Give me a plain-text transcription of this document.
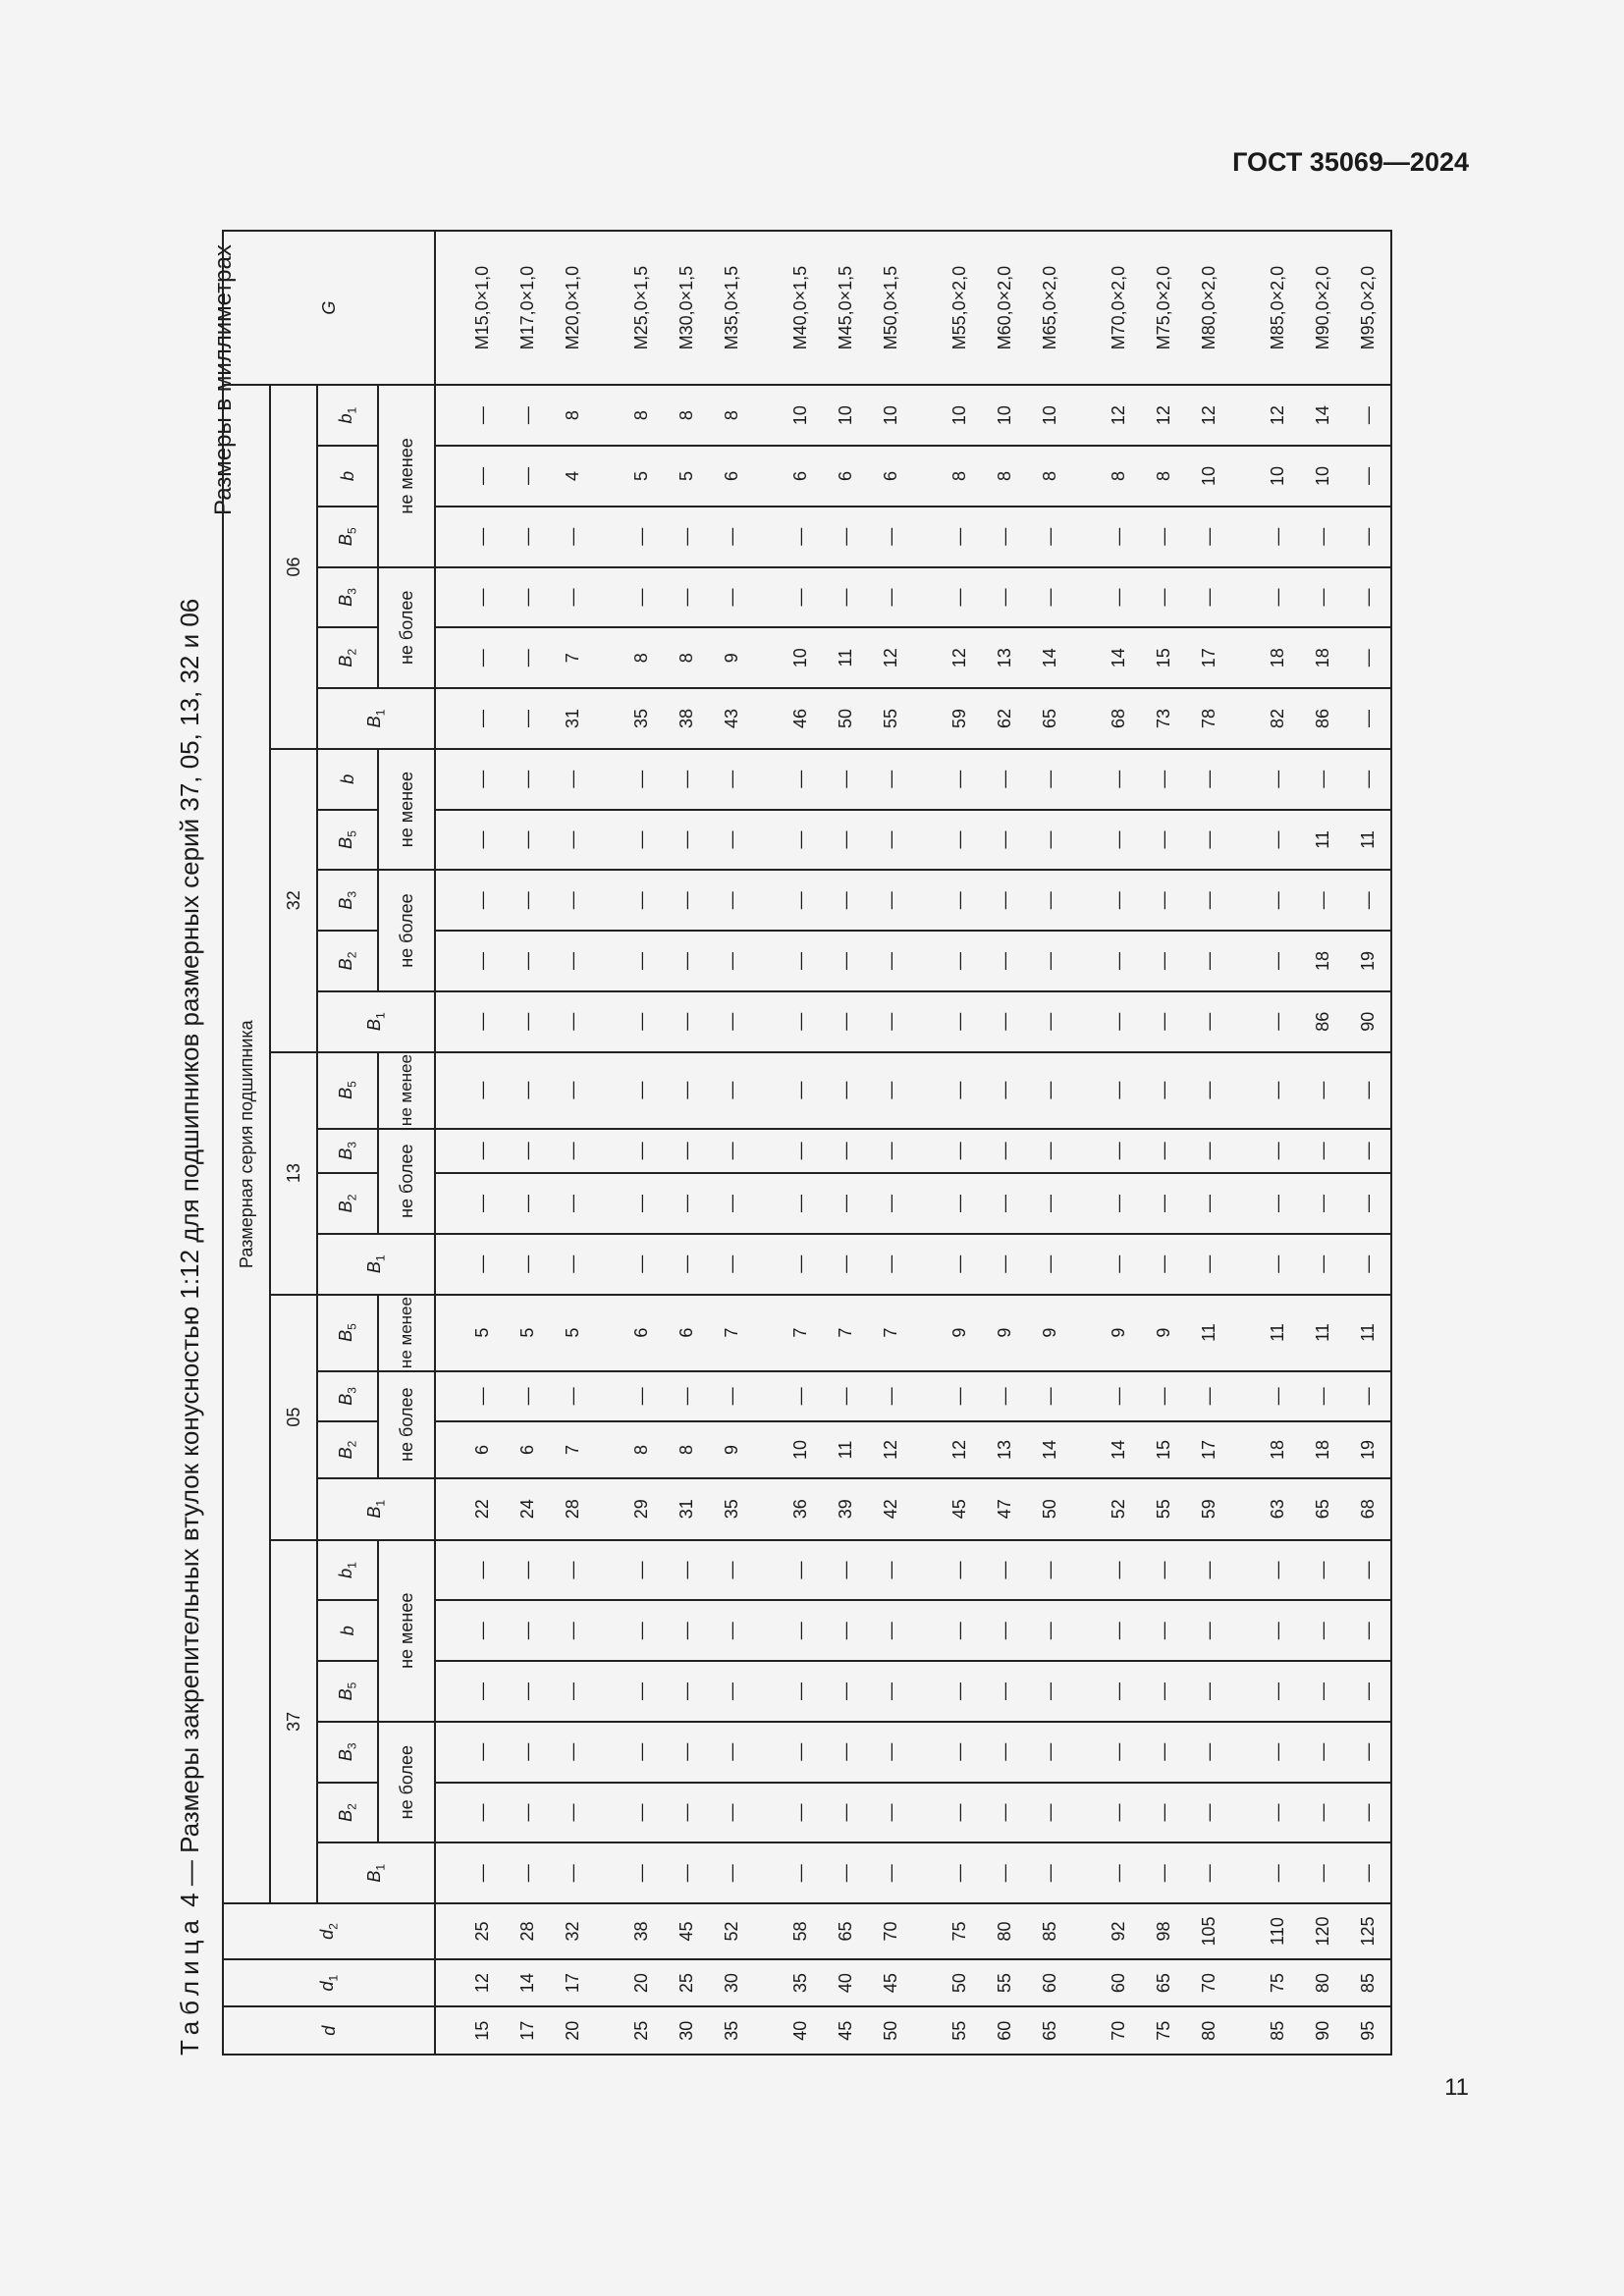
ГОСТ 35069—2024
Таблица 4 — Размеры закрепительных втулок конусностью 1:12 для подшипников размерных серий 37, 05, 13, 32 и 06
Размеры в миллиметрах
d	$d_1$	$d_2$	Размерная серия подшипника																									G
			37						05				13				32					06						
			$B_1$	$B_2$	$B_3$	$B_5$	b	$b_1$	$B_1$	$B_2$	$B_3$	$B_5$	$B_1$	$B_2$	$B_3$	$B_5$	$B_1$	$B_2$	$B_3$	$B_5$	b	$B_1$	$B_2$	$B_3$	$B_5$	b	$b_1$
				не более		не менее				не более		не менее		не более		не менее		не более		не менее			не более		не менее			

15	12	25	—	—	—	—	—	—	22	6	—	5	—	—	—	—	—	—	—	—	—	—	—	—	—	—	—	M15,0×1,0
17	14	28	—	—	—	—	—	—	24	6	—	5	—	—	—	—	—	—	—	—	—	—	—	—	—	—	—	M17,0×1,0
20	17	32	—	—	—	—	—	—	28	7	—	5	—	—	—	—	—	—	—	—	—	31	7	—	—	4	8	M20,0×1,0

25	20	38	—	—	—	—	—	—	29	8	—	6	—	—	—	—	—	—	—	—	—	35	8	—	—	5	8	M25,0×1,5
30	25	45	—	—	—	—	—	—	31	8	—	6	—	—	—	—	—	—	—	—	—	38	8	—	—	5	8	M30,0×1,5
35	30	52	—	—	—	—	—	—	35	9	—	7	—	—	—	—	—	—	—	—	—	43	9	—	—	6	8	M35,0×1,5

40	35	58	—	—	—	—	—	—	36	10	—	7	—	—	—	—	—	—	—	—	—	46	10	—	—	6	10	M40,0×1,5
45	40	65	—	—	—	—	—	—	39	11	—	7	—	—	—	—	—	—	—	—	—	50	11	—	—	6	10	M45,0×1,5
50	45	70	—	—	—	—	—	—	42	12	—	7	—	—	—	—	—	—	—	—	—	55	12	—	—	6	10	M50,0×1,5

55	50	75	—	—	—	—	—	—	45	12	—	9	—	—	—	—	—	—	—	—	—	59	12	—	—	8	10	M55,0×2,0
60	55	80	—	—	—	—	—	—	47	13	—	9	—	—	—	—	—	—	—	—	—	62	13	—	—	8	10	M60,0×2,0
65	60	85	—	—	—	—	—	—	50	14	—	9	—	—	—	—	—	—	—	—	—	65	14	—	—	8	10	M65,0×2,0

70	60	92	—	—	—	—	—	—	52	14	—	9	—	—	—	—	—	—	—	—	—	68	14	—	—	8	12	M70,0×2,0
75	65	98	—	—	—	—	—	—	55	15	—	9	—	—	—	—	—	—	—	—	—	73	15	—	—	8	12	M75,0×2,0
80	70	105	—	—	—	—	—	—	59	17	—	11	—	—	—	—	—	—	—	—	—	78	17	—	—	10	12	M80,0×2,0

85	75	110	—	—	—	—	—	—	63	18	—	11	—	—	—	—	—	—	—	—	—	82	18	—	—	10	12	M85,0×2,0
90	80	120	—	—	—	—	—	—	65	18	—	11	—	—	—	—	86	18	—	11	—	86	18	—	—	10	14	M90,0×2,0
95	85	125	—	—	—	—	—	—	68	19	—	11	—	—	—	—	90	19	—	11	—	—	—	—	—	—	—	M95,0×2,0
11
